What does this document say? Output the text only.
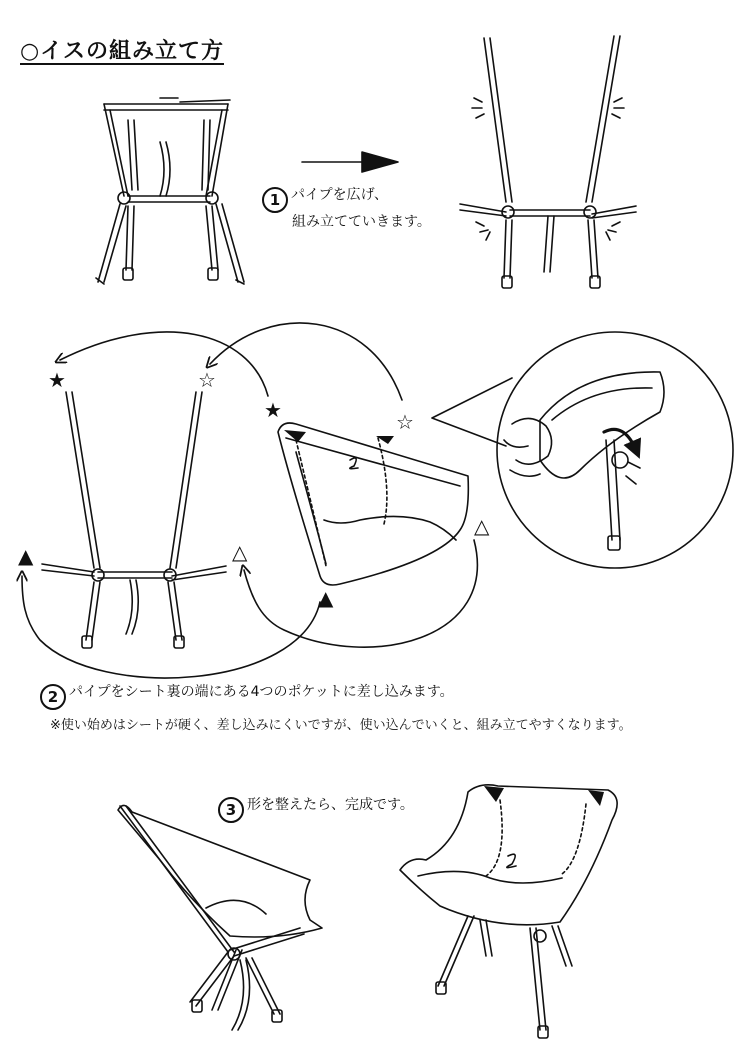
○イスの組み立て方
1 パイプを広げ、
組み立てていきます。
★	☆
★	☆
▲	△
▲
△
2 パイプをシート裏の端にある4つのポケットに差し込みます。
※使い始めはシートが硬く、差し込みにくいですが、使い込んでいくと、組み立てやすくなります。
3 形を整えたら、完成です。
